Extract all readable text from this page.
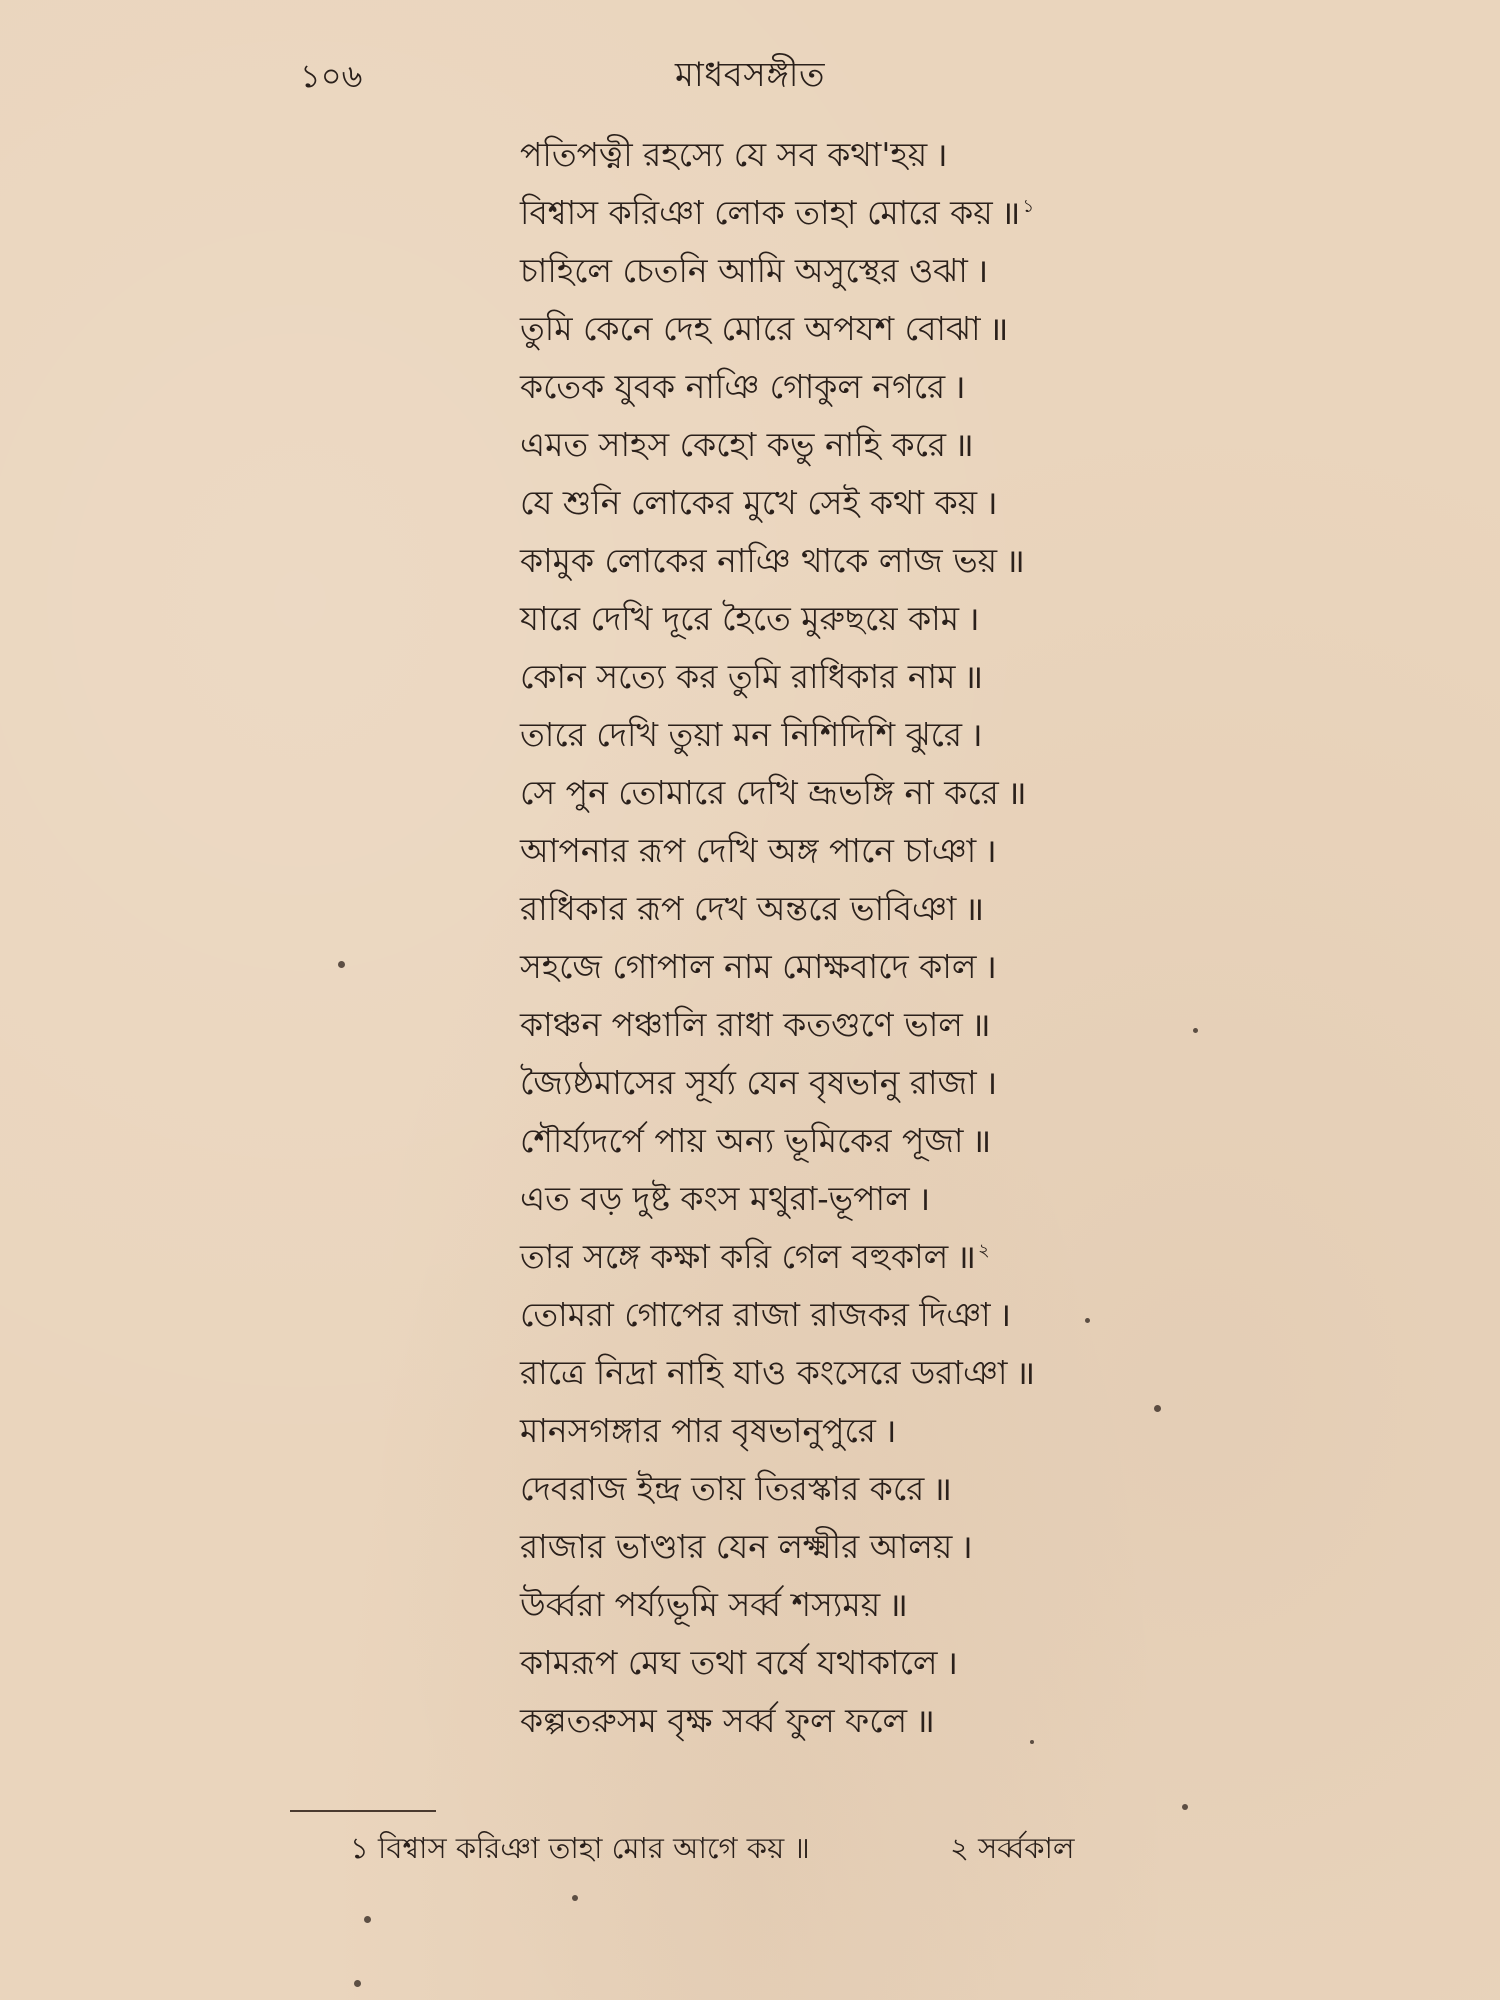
১০৬	মাধবসঙ্গীত
পতিপত্নী রহস্যে যে সব কথা'হয় ।
বিশ্বাস করিঞা লোক তাহা মোরে কয় ॥ $^১$
চাহিলে চেতনি আমি অসুস্থের ওঝা ।
তুমি কেনে দেহ মোরে অপযশ বোঝা ॥
কতেক যুবক নাঞি গোকুল নগরে ।
এমত সাহস কেহো কভু নাহি করে ॥
যে শুনি লোকের মুখে সেই কথা কয় ।
কামুক লোকের নাঞি থাকে লাজ ভয় ॥
যারে দেখি দূরে হৈতে মুরুছয়ে কাম ।
কোন সত্যে কর তুমি রাধিকার নাম ॥
তারে দেখি তুয়া মন নিশিদিশি ঝুরে ।
সে পুন তোমারে দেখি ভ্রূভঙ্গি না করে ॥
আপনার রূপ দেখি অঙ্গ পানে চাঞা ।
রাধিকার রূপ দেখ অন্তরে ভাবিঞা ॥
সহজে গোপাল নাম মোক্ষবাদে কাল ।
কাঞ্চন পঞ্চালি রাধা কতগুণে ভাল ॥
জ্যৈষ্ঠমাসের সূর্য্য যেন বৃষভানু রাজা ।
শৌর্য্যদর্পে পায় অন্য ভূমিকের পূজা ॥
এত বড় দুষ্ট কংস মথুরা-ভূপাল ।
তার সঙ্গে কক্ষা করি গেল বহুকাল ॥ $^২$
তোমরা গোপের রাজা রাজকর দিঞা ।
রাত্রে নিদ্রা নাহি যাও কংসেরে ডরাঞা ॥
মানসগঙ্গার পার বৃষভানুপুরে ।
দেবরাজ ইন্দ্র তায় তিরস্কার করে ॥
রাজার ভাণ্ডার যেন লক্ষ্মীর আলয় ।
উর্ব্বরা পর্য্যভূমি সর্ব্ব শস্যময় ॥
কামরূপ মেঘ তথা বর্ষে যথাকালে ।
কল্পতরুসম বৃক্ষ সর্ব্ব ফুল ফলে ॥
১ বিশ্বাস করিঞা তাহা মোর আগে কয় ॥	২ সর্ব্বকাল
